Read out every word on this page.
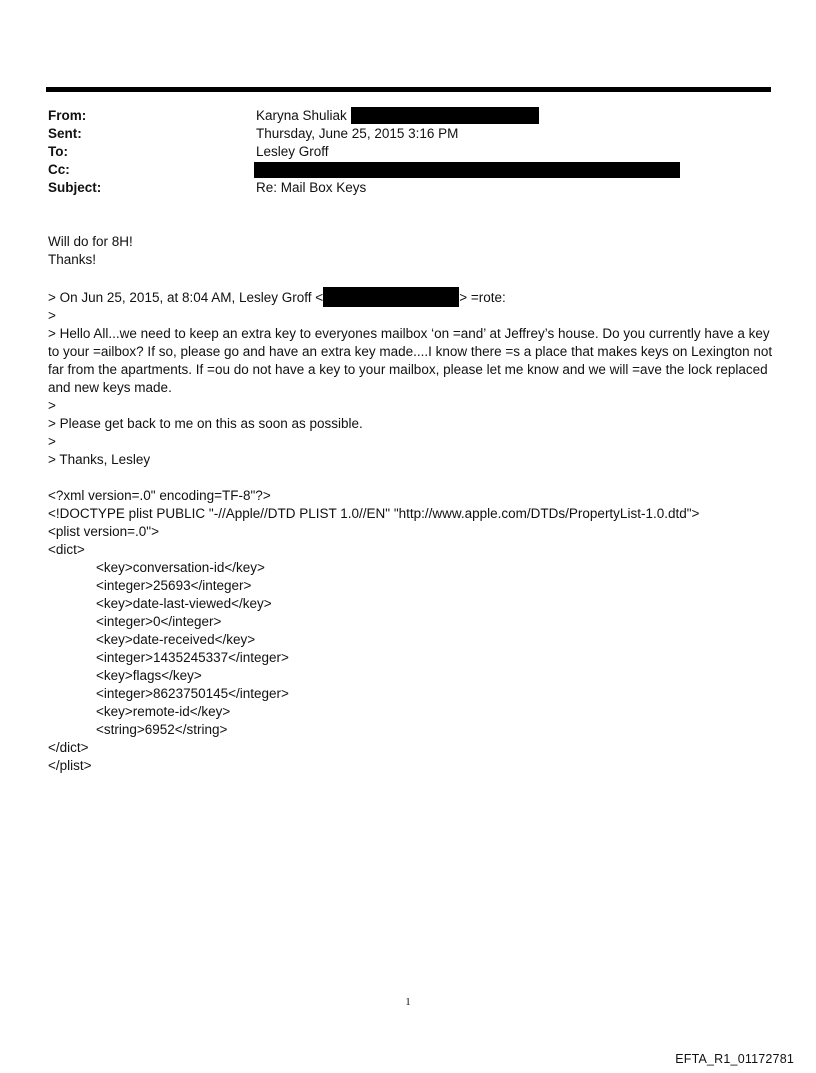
From:	Karyna Shuliak
Sent:	Thursday, June 25, 2015 3:16 PM
To:	Lesley Groff
Cc:
Subject:	Re: Mail Box Keys

Will do for 8H!

Thanks!

> On Jun 25, 2015, at 8:04 AM, Lesley Groff <	> =rote:

>

> Hello All...we need to keep an extra key to everyones mailbox ‘on =and’ at Jeffrey’s house. Do you currently have a key to your =ailbox? If so, please go and have an extra key made....I know there =s a place that makes keys on Lexington not far from the apartments. If =ou do not have a key to your mailbox, please let me know and we will =ave the lock replaced and new keys made.

>

> Please get back to me on this as soon as possible.

>

> Thanks, Lesley

<?xml version=.0" encoding=TF-8"?>

<!DOCTYPE plist PUBLIC "-//Apple//DTD PLIST 1.0//EN" "http://www.apple.com/DTDs/PropertyList-1.0.dtd">

<plist version=.0">

<dict>

<key>conversation-id</key>

<integer>25693</integer>

<key>date-last-viewed</key>

<integer>0</integer>

<key>date-received</key>

<integer>1435245337</integer>

<key>flags</key>

<integer>8623750145</integer>

<key>remote-id</key>

<string>6952</string>

</dict>

</plist>

1
EFTA_R1_01172781
